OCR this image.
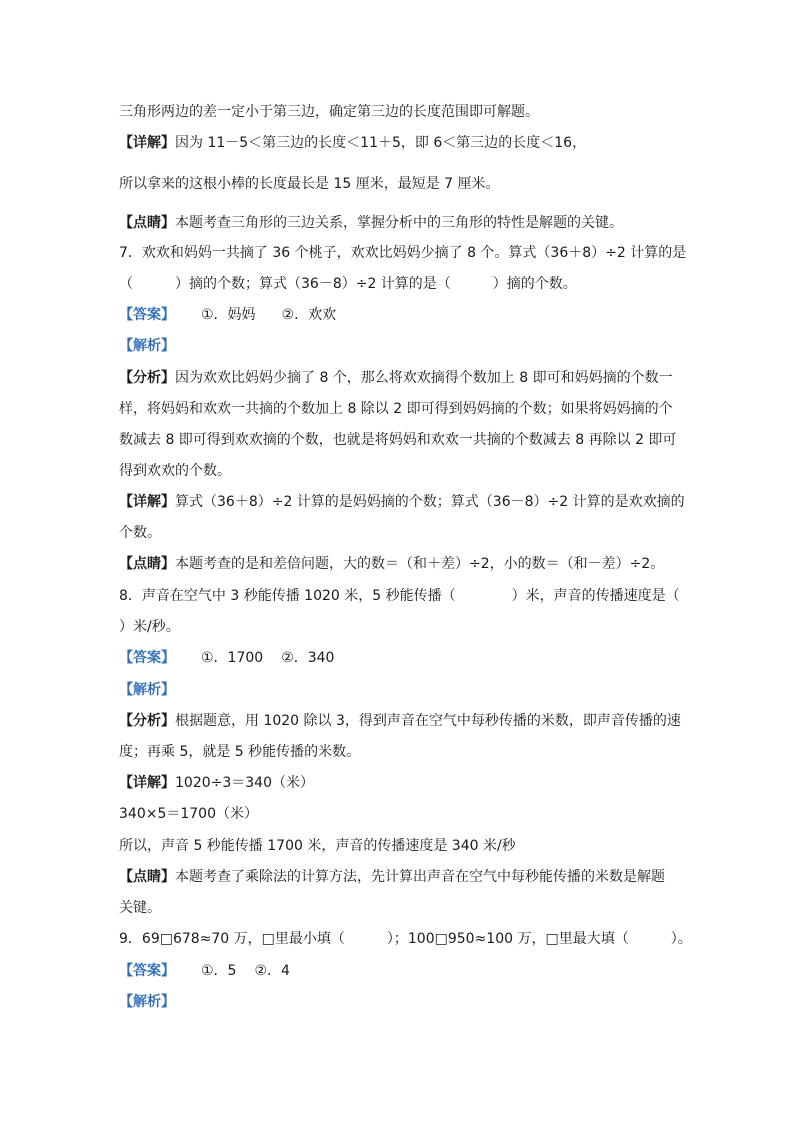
三角形两边的差一定小于第三边，确定第三边的长度范围即可解题。
【详解】因为 11－5＜第三边的长度＜11＋5，即 6＜第三边的长度＜16，
所以拿来的这根小棒的长度最长是 15 厘米，最短是 7 厘米。
【点睛】本题考查三角形的三边关系，掌握分析中的三角形的特性是解题的关键。
7．欢欢和妈妈一共摘了 36 个桃子，欢欢比妈妈少摘了 8 个。算式（36＋8）÷2 计算的是
（　　　）摘的个数；算式（36－8）÷2 计算的是（　　　）摘的个数。
【答案】 ①．妈妈 ②．欢欢
【解析】
【分析】因为欢欢比妈妈少摘了 8 个，那么将欢欢摘得个数加上 8 即可和妈妈摘的个数一
样，将妈妈和欢欢一共摘的个数加上 8 除以 2 即可得到妈妈摘的个数；如果将妈妈摘的个
数减去 8 即可得到欢欢摘的个数，也就是将妈妈和欢欢一共摘的个数减去 8 再除以 2 即可
得到欢欢的个数。
【详解】算式（36＋8）÷2 计算的是妈妈摘的个数；算式（36－8）÷2 计算的是欢欢摘的
个数。
【点睛】本题考查的是和差倍问题，大的数＝（和＋差）÷2，小的数＝（和－差）÷2。
8．声音在空气中 3 秒能传播 1020 米，5 秒能传播（　　　　）米，声音的传播速度是（
）米/秒。
【答案】 ①．1700 ②．340
【解析】
【分析】根据题意，用 1020 除以 3，得到声音在空气中每秒传播的米数，即声音传播的速
度；再乘 5，就是 5 秒能传播的米数。
【详解】1020÷3＝340（米）
340×5＝1700（米）
所以，声音 5 秒能传播 1700 米，声音的传播速度是 340 米/秒
【点睛】本题考查了乘除法的计算方法，先计算出声音在空气中每秒能传播的米数是解题
关键。
9．69□678≈70 万，□里最小填（　　　）；100□950≈100 万，□里最大填（　　　）。
【答案】 ①．5 ②．4
【解析】
